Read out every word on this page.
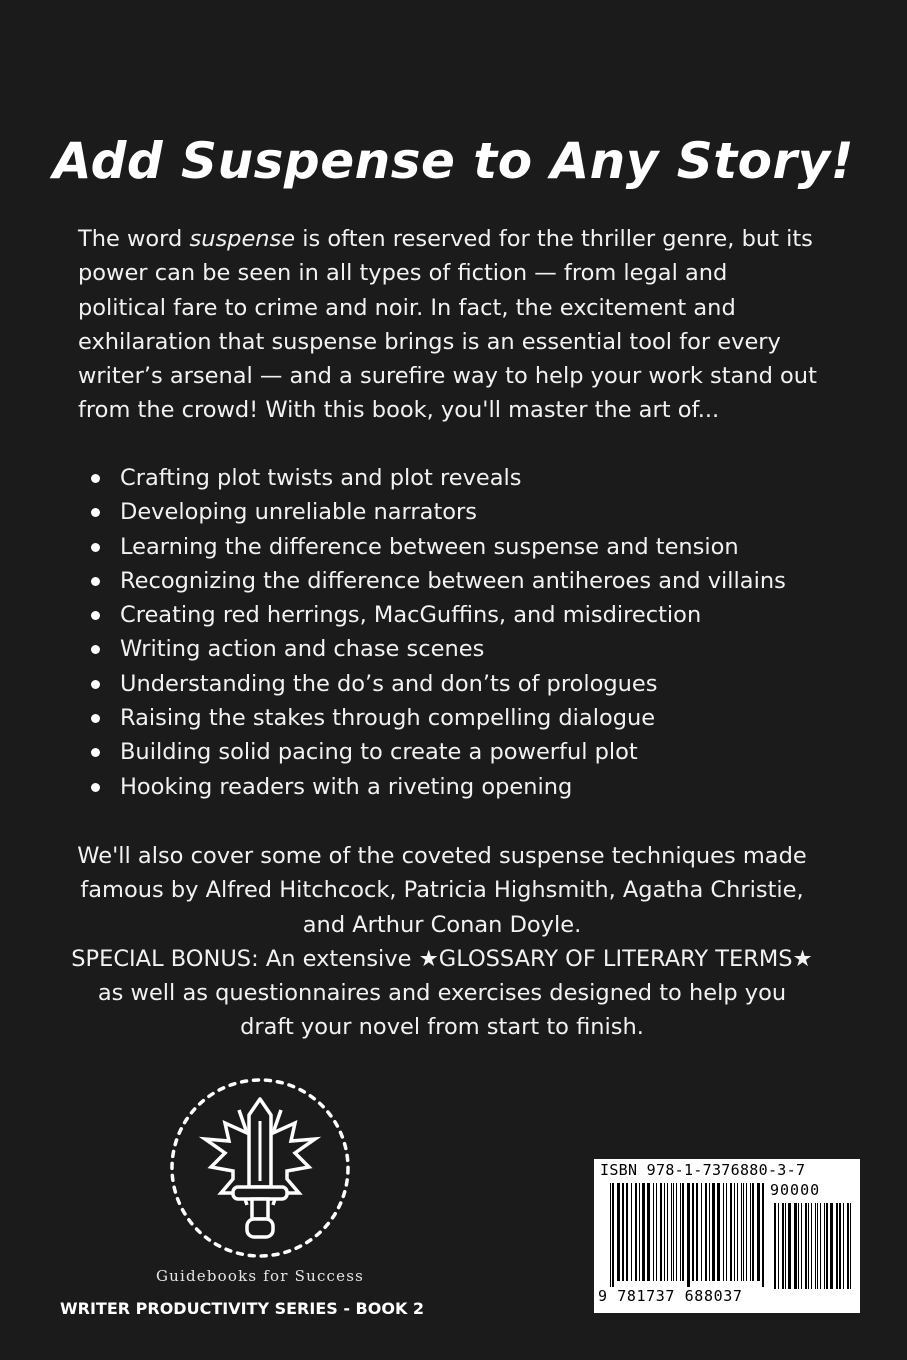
Add Suspense to Any Story!

The word suspense is often reserved for the thriller genre, but its power can be seen in all types of fiction — from legal and political fare to crime and noir. In fact, the excitement and exhilaration that suspense brings is an essential tool for every writer’s arsenal — and a surefire way to help your work stand out from the crowd! With this book, you'll master the art of...

Crafting plot twists and plot reveals
Developing unreliable narrators
Learning the difference between suspense and tension
Recognizing the difference between antiheroes and villains
Creating red herrings, MacGuffins, and misdirection
Writing action and chase scenes
Understanding the do’s and don’ts of prologues
Raising the stakes through compelling dialogue
Building solid pacing to create a powerful plot
Hooking readers with a riveting opening

We'll also cover some of the coveted suspense techniques made famous by Alfred Hitchcock, Patricia Highsmith, Agatha Christie, and Arthur Conan Doyle.

SPECIAL BONUS: An extensive ★GLOSSARY OF LITERARY TERMS★ as well as questionnaires and exercises designed to help you draft your novel from start to finish.

Guidebooks for Success
WRITER PRODUCTIVITY SERIES - BOOK 2
ISBN 978-1-7376880-3-7
90000
9 781737 688037
